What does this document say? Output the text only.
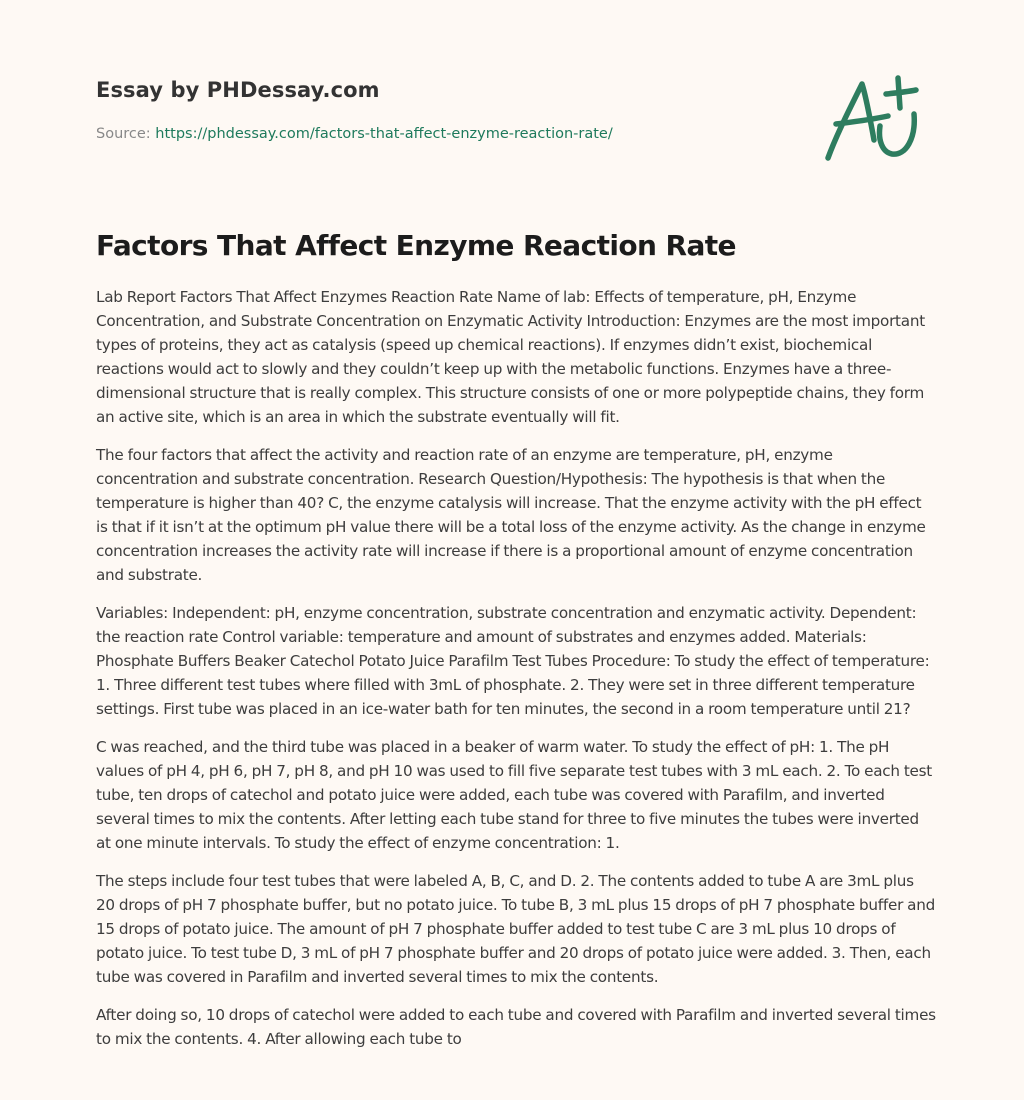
Essay by PHDessay.com
Source: https://phdessay.com/factors-that-affect-enzyme-reaction-rate/
Factors That Affect Enzyme Reaction Rate

Lab Report Factors That Affect Enzymes Reaction Rate Name of lab: Effects of temperature, pH, Enzyme Concentration, and Substrate Concentration on Enzymatic Activity Introduction: Enzymes are the most important types of proteins, they act as catalysis (speed up chemical reactions). If enzymes didn’t exist, biochemical reactions would act to slowly and they couldn’t keep up with the metabolic functions. Enzymes have a three-dimensional structure that is really complex. This structure consists of one or more polypeptide chains, they form an active site, which is an area in which the substrate eventually will fit.

The four factors that affect the activity and reaction rate of an enzyme are temperature, pH, enzyme concentration and substrate concentration. Research Question/Hypothesis: The hypothesis is that when the temperature is higher than 40? C, the enzyme catalysis will increase. That the enzyme activity with the pH effect is that if it isn’t at the optimum pH value there will be a total loss of the enzyme activity. As the change in enzyme concentration increases the activity rate will increase if there is a proportional amount of enzyme concentration and substrate.

Variables: Independent: pH, enzyme concentration, substrate concentration and enzymatic activity. Dependent: the reaction rate Control variable: temperature and amount of substrates and enzymes added. Materials: Phosphate Buffers Beaker Catechol Potato Juice Parafilm Test Tubes Procedure: To study the effect of temperature: 1. Three different test tubes where filled with 3mL of phosphate. 2. They were set in three different temperature settings. First tube was placed in an ice-water bath for ten minutes, the second in a room temperature until 21?

C was reached, and the third tube was placed in a beaker of warm water. To study the effect of pH: 1. The pH values of pH 4, pH 6, pH 7, pH 8, and pH 10 was used to fill five separate test tubes with 3 mL each. 2. To each test tube, ten drops of catechol and potato juice were added, each tube was covered with Parafilm, and inverted several times to mix the contents. After letting each tube stand for three to five minutes the tubes were inverted at one minute intervals. To study the effect of enzyme concentration: 1.

The steps include four test tubes that were labeled A, B, C, and D. 2. The contents added to tube A are 3mL plus 20 drops of pH 7 phosphate buffer, but no potato juice. To tube B, 3 mL plus 15 drops of pH 7 phosphate buffer and 15 drops of potato juice. The amount of pH 7 phosphate buffer added to test tube C are 3 mL plus 10 drops of potato juice. To test tube D, 3 mL of pH 7 phosphate buffer and 20 drops of potato juice were added. 3. Then, each tube was covered in Parafilm and inverted several times to mix the contents.

After doing so, 10 drops of catechol were added to each tube and covered with Parafilm and inverted several times to mix the contents. 4. After allowing each tube to
